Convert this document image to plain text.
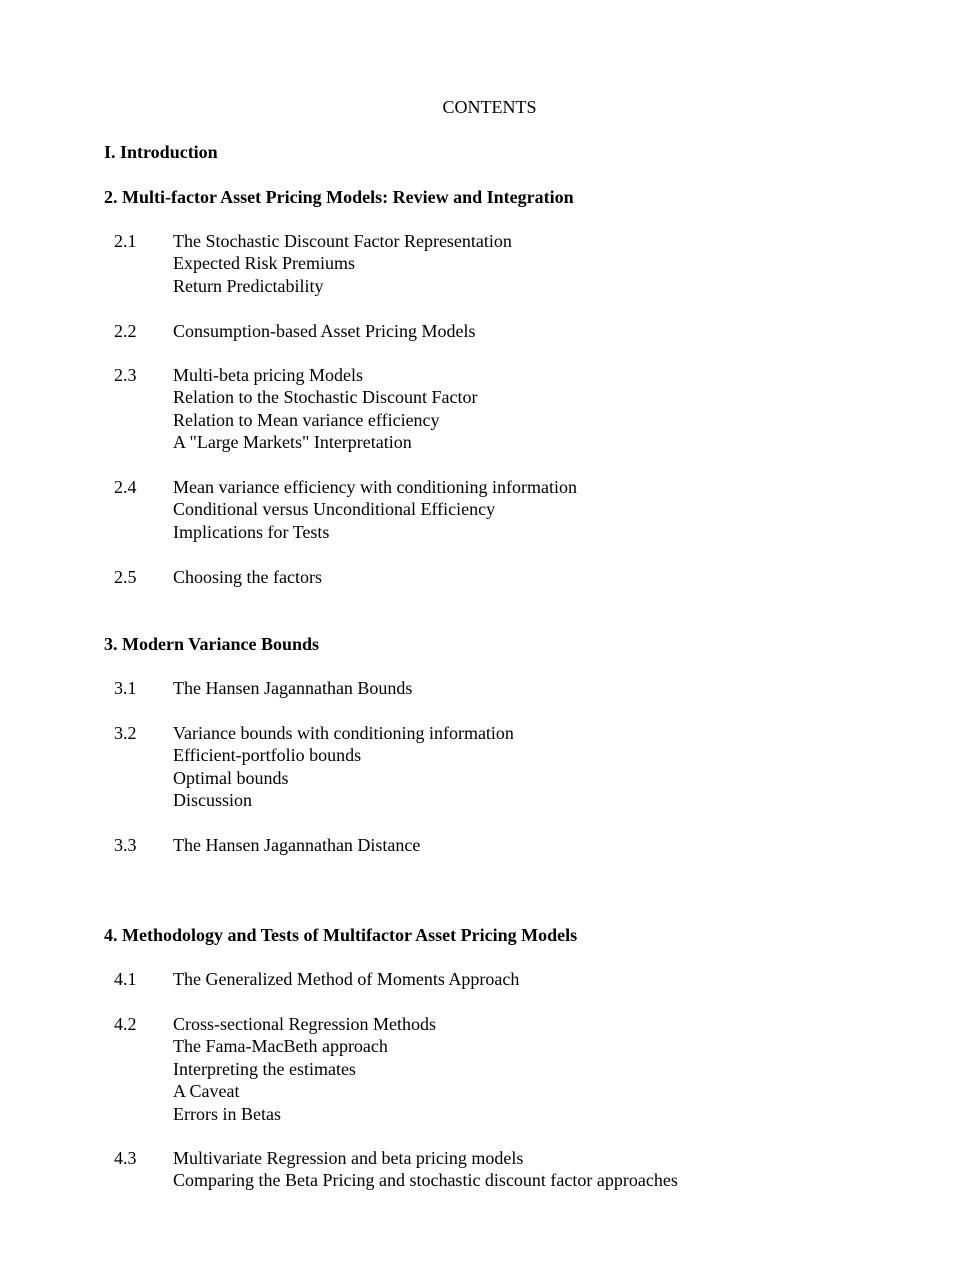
CONTENTS
I. Introduction
2. Multi-factor Asset Pricing Models: Review and Integration
2.1 The Stochastic Discount Factor Representation
Expected Risk Premiums
Return Predictability
2.2 Consumption-based Asset Pricing Models
2.3 Multi-beta pricing Models
Relation to the Stochastic Discount Factor
Relation to Mean variance efficiency
A "Large Markets" Interpretation
2.4 Mean variance efficiency with conditioning information
Conditional versus Unconditional Efficiency
Implications for Tests
2.5 Choosing the factors
3. Modern Variance Bounds
3.1 The Hansen Jagannathan Bounds
3.2 Variance bounds with conditioning information
Efficient-portfolio bounds
Optimal bounds
Discussion
3.3 The Hansen Jagannathan Distance
4. Methodology and Tests of Multifactor Asset Pricing Models
4.1 The Generalized Method of Moments Approach
4.2 Cross-sectional Regression Methods
The Fama-MacBeth approach
Interpreting the estimates
A Caveat
Errors in Betas
4.3 Multivariate Regression and beta pricing models
Comparing the Beta Pricing and stochastic discount factor approaches
